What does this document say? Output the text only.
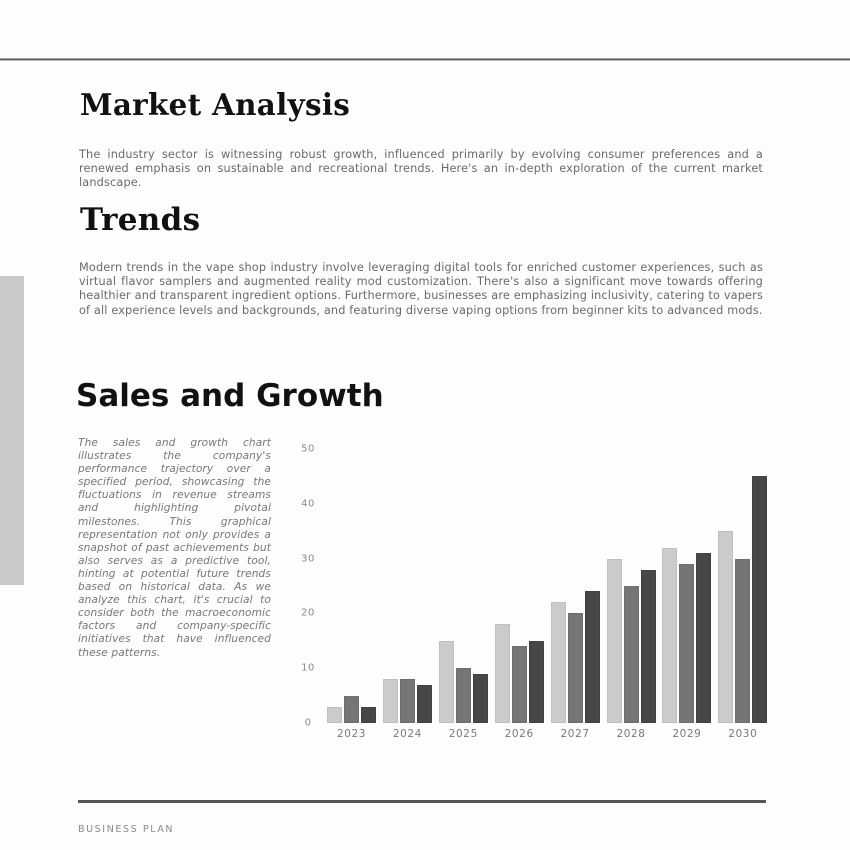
Market Analysis

The industry sector is witnessing robust growth, influenced primarily by evolving consumer preferences and a renewed emphasis on sustainable and recreational trends. Here's an in-depth exploration of the current market landscape.

Trends

Modern trends in the vape shop industry involve leveraging digital tools for enriched customer experiences, such as virtual flavor samplers and augmented reality mod customization. There's also a significant move towards offering healthier and transparent ingredient options. Furthermore, businesses are emphasizing inclusivity, catering to vapers of all experience levels and backgrounds, and featuring diverse vaping options from beginner kits to advanced mods.

Sales and Growth

The sales and growth chart illustrates the company's performance trajectory over a specified period, showcasing the fluctuations in revenue streams and highlighting pivotal milestones. This graphical representation not only provides a snapshot of past achievements but also serves as a predictive tool, hinting at potential future trends based on historical data. As we analyze this chart, it's crucial to consider both the macroeconomic factors and company-specific initiatives that have influenced these patterns.

0
10
20
30
40
50
2023	2024	2025	2026	2027	2028	2029	2030
BUSINESS PLAN
